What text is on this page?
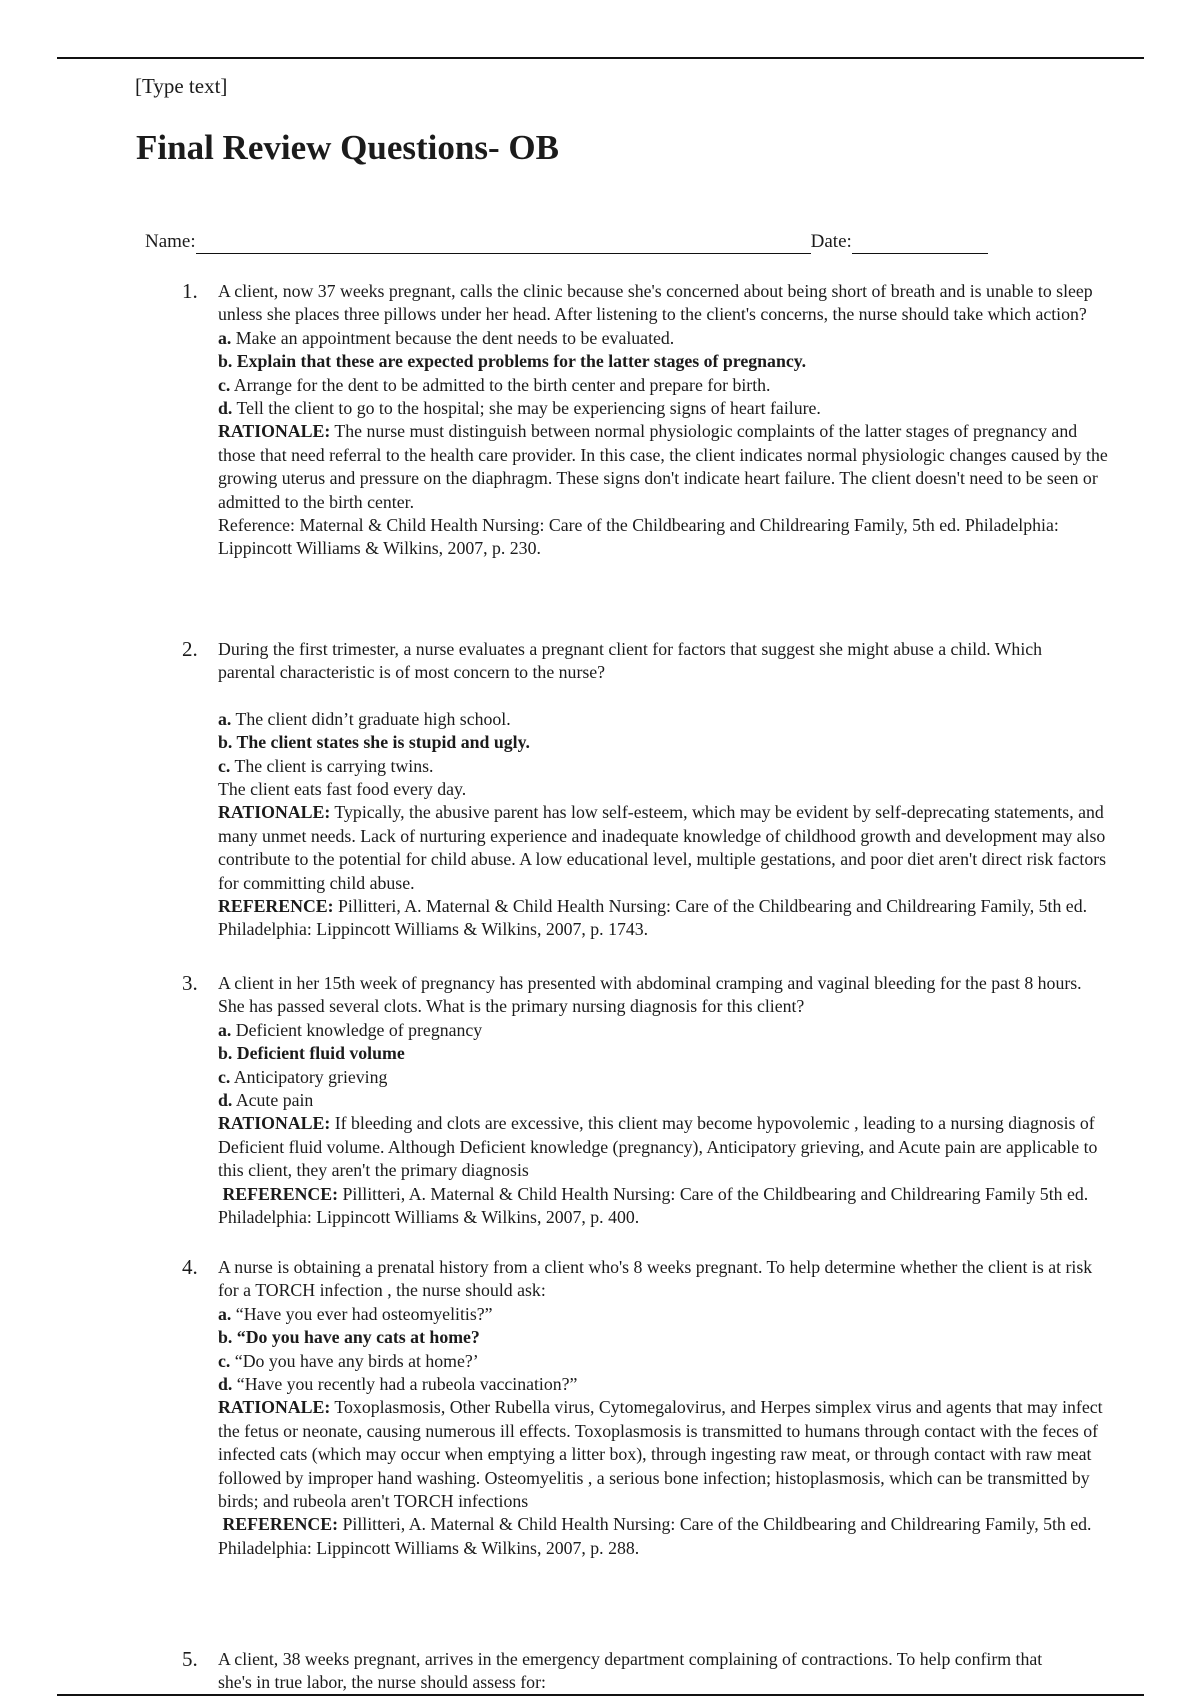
[Type text]
Final Review Questions- OB
Name:	Date:
1. A client, now 37 weeks pregnant, calls the clinic because she's concerned about being short of breath and is unable to sleep unless she places three pillows under her head. After listening to the client's concerns, the nurse should take which action?

a. Make an appointment because the dent needs to be evaluated.

b. Explain that these are expected problems for the latter stages of pregnancy.

c. Arrange for the dent to be admitted to the birth center and prepare for birth.

d. Tell the client to go to the hospital; she may be experiencing signs of heart failure.

RATIONALE: The nurse must distinguish between normal physiologic complaints of the latter stages of pregnancy and those that need referral to the health care provider. In this case, the client indicates normal physiologic changes caused by the growing uterus and pressure on the diaphragm. These signs don't indicate heart failure. The client doesn't need to be seen or admitted to the birth center.

Reference: Maternal & Child Health Nursing: Care of the Childbearing and Childrearing Family, 5th ed. Philadelphia: Lippincott Williams & Wilkins, 2007, p. 230.

2. During the first trimester, a nurse evaluates a pregnant client for factors that suggest she might abuse a child. Which parental characteristic is of most concern to the nurse?

a. The client didn’t graduate high school.

b. The client states she is stupid and ugly.

c. The client is carrying twins.

The client eats fast food every day.

RATIONALE: Typically, the abusive parent has low self-esteem, which may be evident by self-deprecating statements, and many unmet needs. Lack of nurturing experience and inadequate knowledge of childhood growth and development may also contribute to the potential for child abuse. A low educational level, multiple gestations, and poor diet aren't direct risk factors for committing child abuse.

REFERENCE: Pillitteri, A. Maternal & Child Health Nursing: Care of the Childbearing and Childrearing Family, 5th ed. Philadelphia: Lippincott Williams & Wilkins, 2007, p. 1743.

3. A client in her 15th week of pregnancy has presented with abdominal cramping and vaginal bleeding for the past 8 hours. She has passed several clots. What is the primary nursing diagnosis for this client?

a. Deficient knowledge of pregnancy

b. Deficient fluid volume

c. Anticipatory grieving

d. Acute pain

RATIONALE: If bleeding and clots are excessive, this client may become hypovolemic , leading to a nursing diagnosis of Deficient fluid volume. Although Deficient knowledge (pregnancy), Anticipatory grieving, and Acute pain are applicable to this client, they aren't the primary diagnosis

REFERENCE: Pillitteri, A. Maternal & Child Health Nursing: Care of the Childbearing and Childrearing Family 5th ed. Philadelphia: Lippincott Williams & Wilkins, 2007, p. 400.

4. A nurse is obtaining a prenatal history from a client who's 8 weeks pregnant. To help determine whether the client is at risk for a TORCH infection , the nurse should ask:

a. “Have you ever had osteomyelitis?”

b. “Do you have any cats at home?

c. “Do you have any birds at home?’

d. “Have you recently had a rubeola vaccination?”

RATIONALE: Toxoplasmosis, Other Rubella virus, Cytomegalovirus, and Herpes simplex virus and agents that may infect the fetus or neonate, causing numerous ill effects. Toxoplasmosis is transmitted to humans through contact with the feces of infected cats (which may occur when emptying a litter box), through ingesting raw meat, or through contact with raw meat followed by improper hand washing. Osteomyelitis , a serious bone infection; histoplasmosis, which can be transmitted by birds; and rubeola aren't TORCH infections

REFERENCE: Pillitteri, A. Maternal & Child Health Nursing: Care of the Childbearing and Childrearing Family, 5th ed. Philadelphia: Lippincott Williams & Wilkins, 2007, p. 288.

5. A client, 38 weeks pregnant, arrives in the emergency department complaining of contractions. To help confirm that she's in true labor, the nurse should assess for:
